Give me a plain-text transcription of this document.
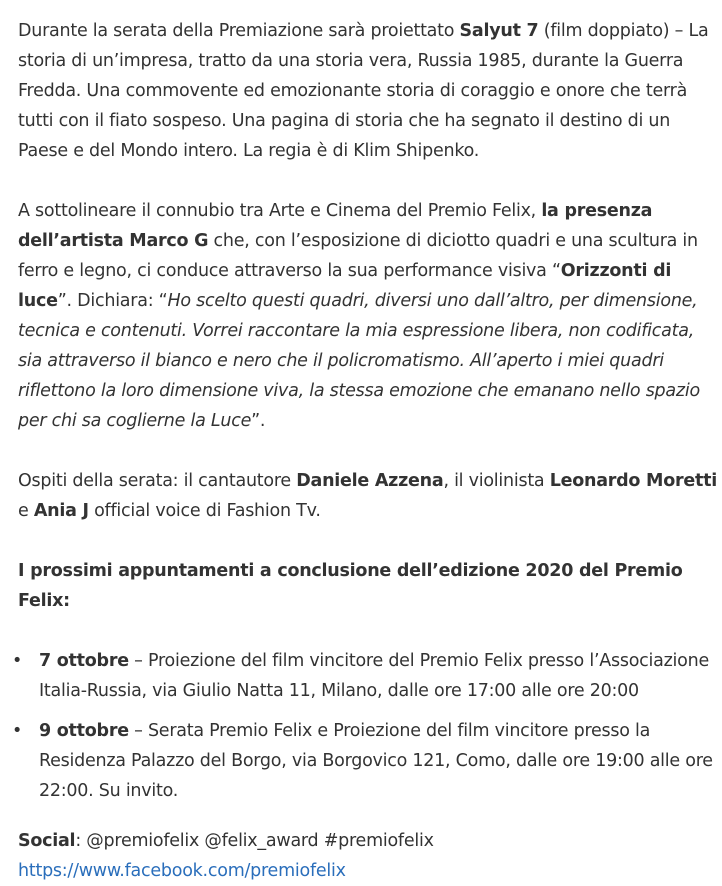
Durante la serata della Premiazione sarà proiettato Salyut 7 (film doppiato) – La storia di un’impresa, tratto da una storia vera, Russia 1985, durante la Guerra Fredda. Una commovente ed emozionante storia di coraggio e onore che terrà tutti con il fiato sospeso. Una pagina di storia che ha segnato il destino di un Paese e del Mondo intero. La regia è di Klim Shipenko.

A sottolineare il connubio tra Arte e Cinema del Premio Felix, la presenza dell’artista Marco G che, con l’esposizione di diciotto quadri e una scultura in ferro e legno, ci conduce attraverso la sua performance visiva “Orizzonti di luce”. Dichiara: “Ho scelto questi quadri, diversi uno dall’altro, per dimensione, tecnica e contenuti. Vorrei raccontare la mia espressione libera, non codificata, sia attraverso il bianco e nero che il policromatismo. All’aperto i miei quadri riflettono la loro dimensione viva, la stessa emozione che emanano nello spazio per chi sa coglierne la Luce”.

Ospiti della serata: il cantautore Daniele Azzena, il violinista Leonardo Moretti e Ania J official voice di Fashion Tv.

I prossimi appuntamenti a conclusione dell’edizione 2020 del Premio Felix:

• 7 ottobre – Proiezione del film vincitore del Premio Felix presso l’Associazione Italia-Russia, via Giulio Natta 11, Milano, dalle ore 17:00 alle ore 20:00
• 9 ottobre – Serata Premio Felix e Proiezione del film vincitore presso la Residenza Palazzo del Borgo, via Borgovico 121, Como, dalle ore 19:00 alle ore 22:00. Su invito.

Social: @premiofelix @felix_award #premiofelix
https://www.facebook.com/premiofelix
